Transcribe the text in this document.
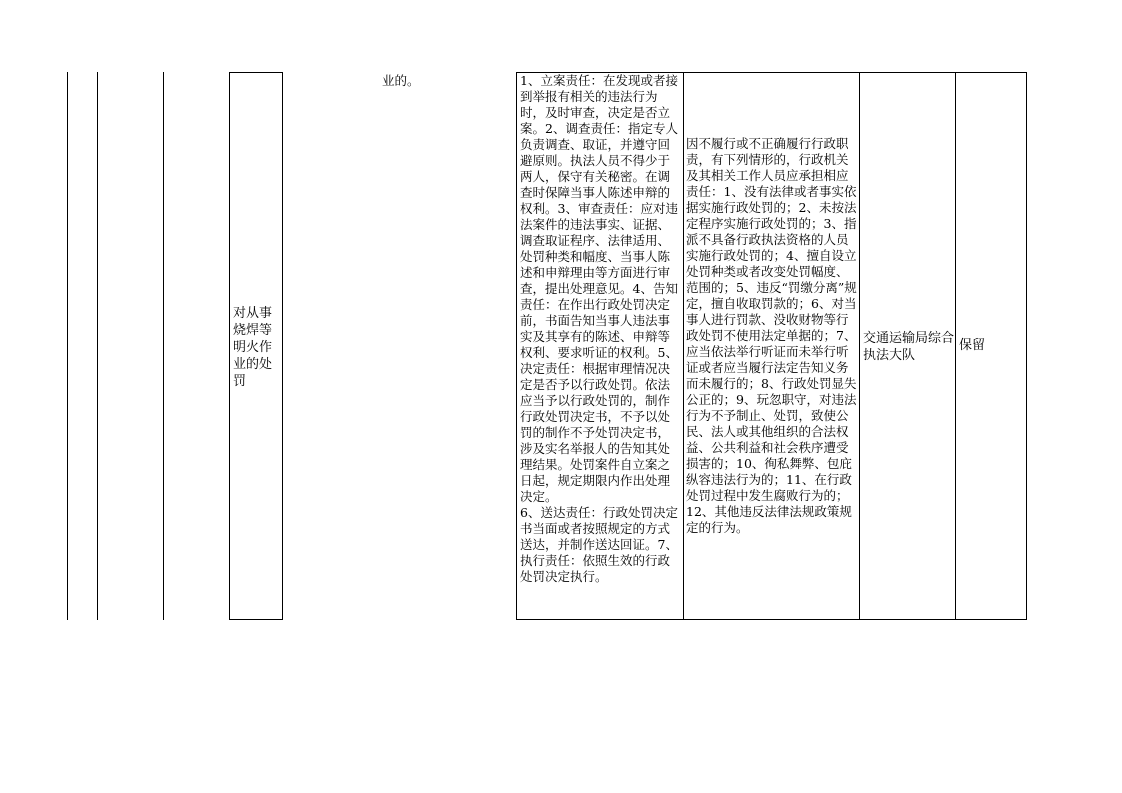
对从事烧焊等明火作业的处罚
业的。	1、立案责任：在发现或者接到举报有相关的违法行为时，及时审查，决定是否立案。2、调查责任：指定专人负责调查、取证，并遵守回避原则。执法人员不得少于两人，保守有关秘密。在调查时保障当事人陈述申辩的权利。3、审查责任：应对违法案件的违法事实、证据、调查取证程序、法律适用、处罚种类和幅度、当事人陈述和申辩理由等方面进行审查，提出处理意见。4、告知责任：在作出行政处罚决定前，书面告知当事人违法事实及其享有的陈述、申辩等权利、要求听证的权利。5、决定责任：根据审理情况决定是否予以行政处罚。依法应当予以行政处罚的，制作行政处罚决定书，不予以处罚的制作不予处罚决定书，涉及实名举报人的告知其处理结果。处罚案件自立案之日起，规定期限内作出处理决定。
6、送达责任：行政处罚决定书当面或者按照规定的方式送达，并制作送达回证。7、执行责任：依照生效的行政处罚决定执行。
因不履行或不正确履行行政职责，有下列情形的，行政机关及其相关工作人员应承担相应责任：1、没有法律或者事实依据实施行政处罚的；2、未按法定程序实施行政处罚的；3、指派不具备行政执法资格的人员实施行政处罚的；4、擅自设立处罚种类或者改变处罚幅度、范围的；5、违反“罚缴分离”规定，擅自收取罚款的；6、对当事人进行罚款、没收财物等行政处罚不使用法定单据的；7、应当依法举行听证而未举行听证或者应当履行法定告知义务而未履行的；8、行政处罚显失公正的；9、玩忽职守，对违法行为不予制止、处罚，致使公民、法人或其他组织的合法权益、公共利益和社会秩序遭受损害的；10、徇私舞弊、包庇纵容违法行为的；11、在行政处罚过程中发生腐败行为的；12、其他违反法律法规政策规定的行为。
交通运输局综合执法大队
保留
